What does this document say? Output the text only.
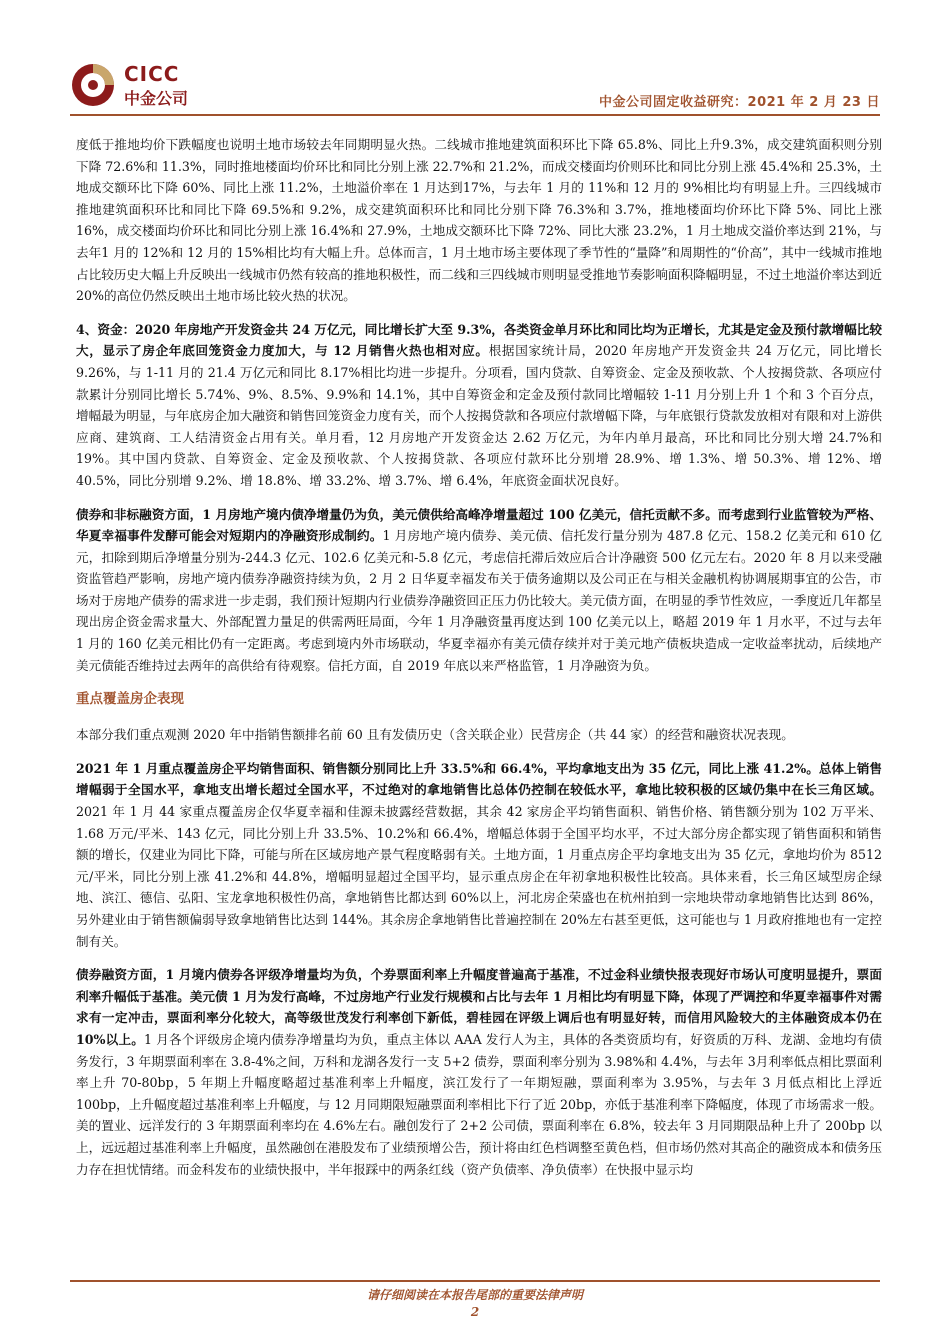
CICC
中金公司	中金公司固定收益研究：2021 年 2 月 23 日

度低于推地均价下跌幅度也说明土地市场较去年同期明显火热。二线城市推地建筑面积环比下降 65.8%、同比上升9.3%，成交建筑面积则分别下降 72.6%和 11.3%，同时推地楼面均价环比和同比分别上涨 22.7%和 21.2%，而成交楼面均价则环比和同比分别上涨 45.4%和 25.3%，土地成交额环比下降 60%、同比上涨 11.2%，土地溢价率在 1 月达到17%，与去年 1 月的 11%和 12 月的 9%相比均有明显上升。三四线城市推地建筑面积环比和同比下降 69.5%和 9.2%，成交建筑面积环比和同比分别下降 76.3%和 3.7%，推地楼面均价环比下降 5%、同比上涨 16%，成交楼面均价环比和同比分别上涨 16.4%和 27.9%，土地成交额环比下降 72%、同比大涨 23.2%，1 月土地成交溢价率达到 21%，与去年1 月的 12%和 12 月的 15%相比均有大幅上升。总体而言，1 月土地市场主要体现了季节性的“量降”和周期性的“价高”，其中一线城市推地占比较历史大幅上升反映出一线城市仍然有较高的推地积极性，而二线和三四线城市则明显受推地节奏影响面积降幅明显，不过土地溢价率达到近 20%的高位仍然反映出土地市场比较火热的状况。

4、资金：2020 年房地产开发资金共 24 万亿元，同比增长扩大至 9.3%，各类资金单月环比和同比均为正增长，尤其是定金及预付款增幅比较大，显示了房企年底回笼资金力度加大，与 12 月销售火热也相对应。根据国家统计局，2020 年房地产开发资金共 24 万亿元，同比增长 9.26%，与 1-11 月的 21.4 万亿元和同比 8.17%相比均进一步提升。分项看，国内贷款、自筹资金、定金及预收款、个人按揭贷款、各项应付款累计分别同比增长 5.74%、9%、8.5%、9.9%和 14.1%，其中自筹资金和定金及预付款同比增幅较 1-11 月分别上升 1 个和 3 个百分点，增幅最为明显，与年底房企加大融资和销售回笼资金力度有关，而个人按揭贷款和各项应付款增幅下降，与年底银行贷款发放相对有限和对上游供应商、建筑商、工人结清资金占用有关。单月看，12 月房地产开发资金达 2.62 万亿元，为年内单月最高，环比和同比分别大增 24.7%和 19%。其中国内贷款、自筹资金、定金及预收款、个人按揭贷款、各项应付款环比分别增 28.9%、增 1.3%、增 50.3%、增 12%、增 40.5%，同比分别增 9.2%、增 18.8%、增 33.2%、增 3.7%、增 6.4%，年底资金面状况良好。

债券和非标融资方面，1 月房地产境内债净增量仍为负，美元债供给高峰净增量超过 100 亿美元，信托贡献不多。而考虑到行业监管较为严格、华夏幸福事件发酵可能会对短期内的净融资形成制约。1 月房地产境内债券、美元债、信托发行量分别为 487.8 亿元、158.2 亿美元和 610 亿元，扣除到期后净增量分别为-244.3 亿元、102.6 亿美元和-5.8 亿元，考虑信托滞后效应后合计净融资 500 亿元左右。2020 年 8 月以来受融资监管趋严影响，房地产境内债券净融资持续为负，2 月 2 日华夏幸福发布关于债务逾期以及公司正在与相关金融机构协调展期事宜的公告，市场对于房地产债券的需求进一步走弱，我们预计短期内行业债券净融资回正压力仍比较大。美元债方面，在明显的季节性效应，一季度近几年都呈现出房企资金需求量大、外部配置力量足的供需两旺局面，今年 1 月净融资量再度达到 100 亿美元以上，略超 2019 年 1 月水平，不过与去年 1 月的 160 亿美元相比仍有一定距离。考虑到境内外市场联动，华夏幸福亦有美元债存续并对于美元地产债板块造成一定收益率扰动，后续地产美元债能否维持过去两年的高供给有待观察。信托方面，自 2019 年底以来严格监管，1 月净融资为负。

重点覆盖房企表现

本部分我们重点观测 2020 年中指销售额排名前 60 且有发债历史（含关联企业）民营房企（共 44 家）的经营和融资状况表现。

2021 年 1 月重点覆盖房企平均销售面积、销售额分别同比上升 33.5%和 66.4%，平均拿地支出为 35 亿元，同比上涨 41.2%。总体上销售增幅弱于全国水平，拿地支出增长超过全国水平，不过绝对的拿地销售比总体仍控制在较低水平，拿地比较积极的区域仍集中在长三角区域。2021 年 1 月 44 家重点覆盖房企仅华夏幸福和佳源未披露经营数据，其余 42 家房企平均销售面积、销售价格、销售额分别为 102 万平米、1.68 万元/平米、143 亿元，同比分别上升 33.5%、10.2%和 66.4%，增幅总体弱于全国平均水平，不过大部分房企都实现了销售面积和销售额的增长，仅建业为同比下降，可能与所在区域房地产景气程度略弱有关。土地方面，1 月重点房企平均拿地支出为 35 亿元，拿地均价为 8512元/平米，同比分别上涨 41.2%和 44.8%，增幅明显超过全国平均，显示重点房企在年初拿地积极性比较高。具体来看，长三角区域型房企绿地、滨江、德信、弘阳、宝龙拿地积极性仍高，拿地销售比都达到 60%以上，河北房企荣盛也在杭州拍到一宗地块带动拿地销售比达到 86%，另外建业由于销售额偏弱导致拿地销售比达到 144%。其余房企拿地销售比普遍控制在 20%左右甚至更低，这可能也与 1 月政府推地也有一定控制有关。

债券融资方面，1 月境内债券各评级净增量均为负，个券票面利率上升幅度普遍高于基准，不过金科业绩快报表现好市场认可度明显提升，票面利率升幅低于基准。美元债 1 月为发行高峰，不过房地产行业发行规模和占比与去年 1 月相比均有明显下降，体现了严调控和华夏幸福事件对需求有一定冲击，票面利率分化较大，高等级世茂发行利率创下新低，碧桂园在评级上调后也有明显好转，而信用风险较大的主体融资成本仍在 10%以上。1 月各个评级房企境内债券净增量均为负，重点主体以 AAA 发行人为主，具体的各类资质均有，好资质的万科、龙湖、金地均有债务发行，3 年期票面利率在 3.8-4%之间，万科和龙湖各发行一支 5+2 债券，票面利率分别为 3.98%和 4.4%，与去年 3月利率低点相比票面利率上升 70-80bp，5 年期上升幅度略超过基准利率上升幅度，滨江发行了一年期短融，票面利率为 3.95%，与去年 3 月低点相比上浮近 100bp，上升幅度超过基准利率上升幅度，与 12 月同期限短融票面利率相比下行了近 20bp，亦低于基准利率下降幅度，体现了市场需求一般。美的置业、远洋发行的 3 年期票面利率均在 4.6%左右。融创发行了 2+2 公司债，票面利率在 6.8%，较去年 3 月同期限品种上升了 200bp 以上，远远超过基准利率上升幅度，虽然融创在港股发布了业绩预增公告，预计将由红色档调整至黄色档，但市场仍然对其高企的融资成本和债务压力存在担忧情绪。而金科发布的业绩快报中，半年报踩中的两条红线（资产负债率、净负债率）在快报中显示均

请仔细阅读在本报告尾部的重要法律声明
2
